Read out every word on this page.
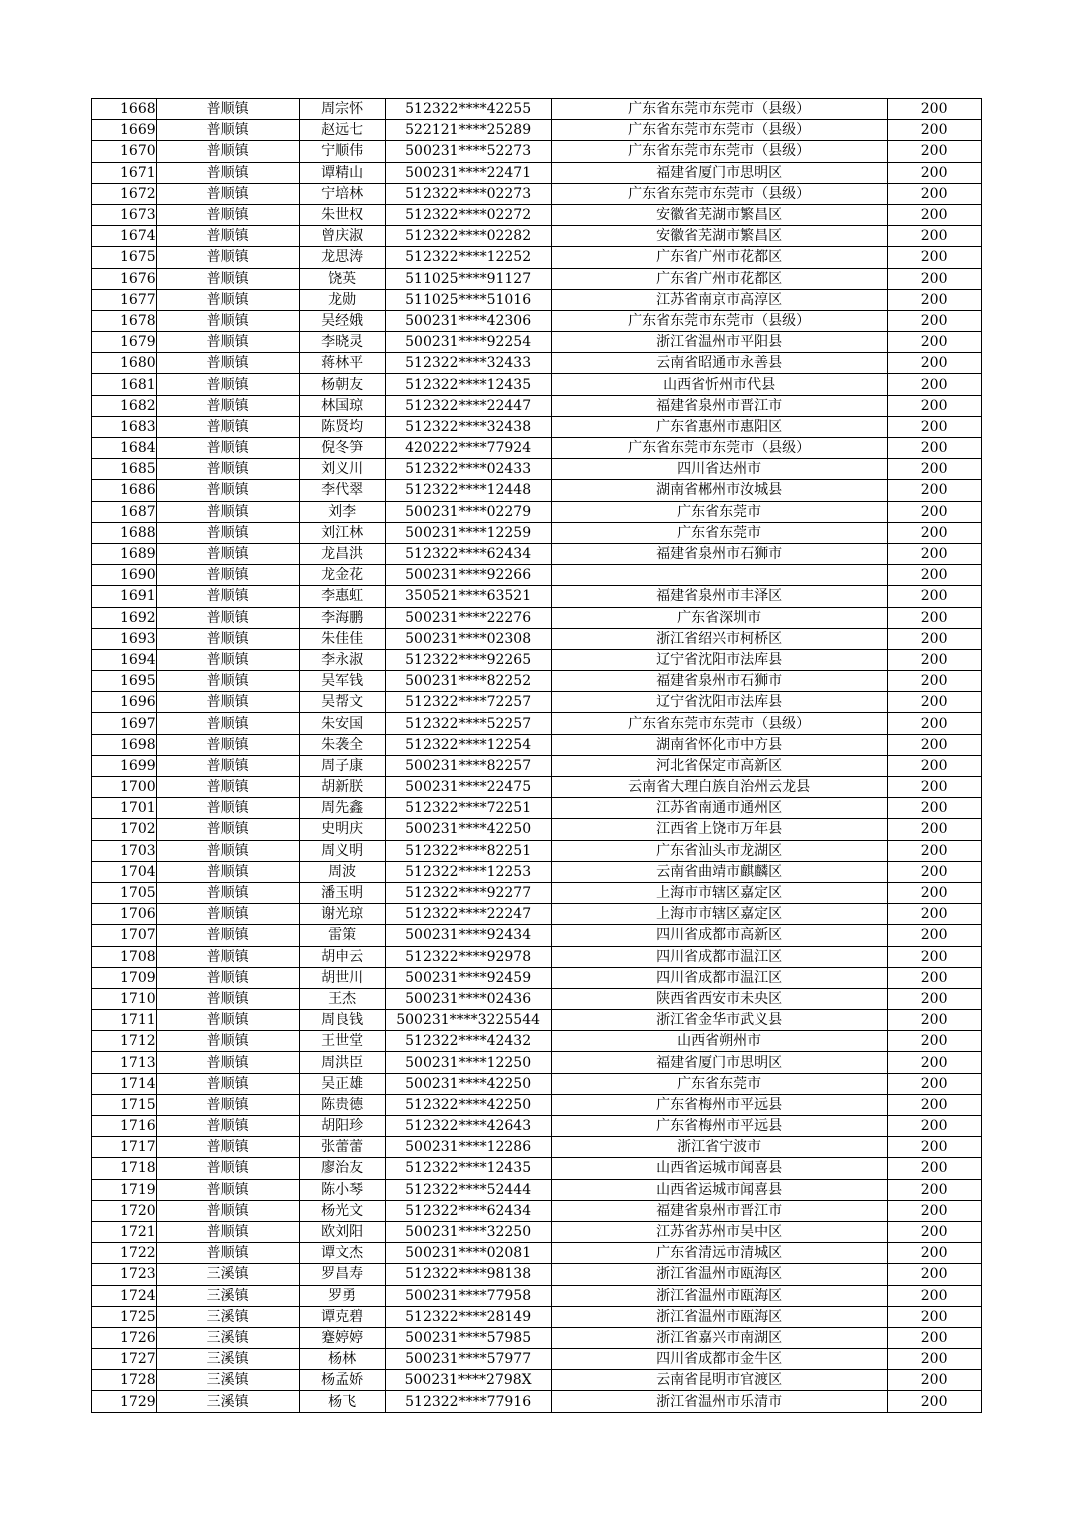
1668	普顺镇	周宗怀	512322****42255	广东省东莞市东莞市（县级）	200
1669	普顺镇	赵远七	522121****25289	广东省东莞市东莞市（县级）	200
1670	普顺镇	宁顺伟	500231****52273	广东省东莞市东莞市（县级）	200
1671	普顺镇	谭精山	500231****22471	福建省厦门市思明区	200
1672	普顺镇	宁培林	512322****02273	广东省东莞市东莞市（县级）	200
1673	普顺镇	朱世权	512322****02272	安徽省芜湖市繁昌区	200
1674	普顺镇	曾庆淑	512322****02282	安徽省芜湖市繁昌区	200
1675	普顺镇	龙思涛	512322****12252	广东省广州市花都区	200
1676	普顺镇	饶英	511025****91127	广东省广州市花都区	200
1677	普顺镇	龙勋	511025****51016	江苏省南京市高淳区	200
1678	普顺镇	吴经娥	500231****42306	广东省东莞市东莞市（县级）	200
1679	普顺镇	李晓灵	500231****92254	浙江省温州市平阳县	200
1680	普顺镇	蒋林平	512322****32433	云南省昭通市永善县	200
1681	普顺镇	杨朝友	512322****12435	山西省忻州市代县	200
1682	普顺镇	林国琼	512322****22447	福建省泉州市晋江市	200
1683	普顺镇	陈贤均	512322****32438	广东省惠州市惠阳区	200
1684	普顺镇	倪冬笋	420222****77924	广东省东莞市东莞市（县级）	200
1685	普顺镇	刘义川	512322****02433	四川省达州市	200
1686	普顺镇	李代翠	512322****12448	湖南省郴州市汝城县	200
1687	普顺镇	刘李	500231****02279	广东省东莞市	200
1688	普顺镇	刘江林	500231****12259	广东省东莞市	200
1689	普顺镇	龙昌洪	512322****62434	福建省泉州市石狮市	200
1690	普顺镇	龙金花	500231****92266		200
1691	普顺镇	李惠虹	350521****63521	福建省泉州市丰泽区	200
1692	普顺镇	李海鹏	500231****22276	广东省深圳市	200
1693	普顺镇	朱佳佳	500231****02308	浙江省绍兴市柯桥区	200
1694	普顺镇	李永淑	512322****92265	辽宁省沈阳市法库县	200
1695	普顺镇	吴军钱	500231****82252	福建省泉州市石狮市	200
1696	普顺镇	吴帮文	512322****72257	辽宁省沈阳市法库县	200
1697	普顺镇	朱安国	512322****52257	广东省东莞市东莞市（县级）	200
1698	普顺镇	朱袭全	512322****12254	湖南省怀化市中方县	200
1699	普顺镇	周子康	500231****82257	河北省保定市高新区	200
1700	普顺镇	胡新朕	500231****22475	云南省大理白族自治州云龙县	200
1701	普顺镇	周先鑫	512322****72251	江苏省南通市通州区	200
1702	普顺镇	史明庆	500231****42250	江西省上饶市万年县	200
1703	普顺镇	周义明	512322****82251	广东省汕头市龙湖区	200
1704	普顺镇	周波	512322****12253	云南省曲靖市麒麟区	200
1705	普顺镇	潘玉明	512322****92277	上海市市辖区嘉定区	200
1706	普顺镇	谢光琼	512322****22247	上海市市辖区嘉定区	200
1707	普顺镇	雷策	500231****92434	四川省成都市高新区	200
1708	普顺镇	胡申云	512322****92978	四川省成都市温江区	200
1709	普顺镇	胡世川	500231****92459	四川省成都市温江区	200
1710	普顺镇	王杰	500231****02436	陕西省西安市未央区	200
1711	普顺镇	周良钱	500231****3225544	浙江省金华市武义县	200
1712	普顺镇	王世堂	512322****42432	山西省朔州市	200
1713	普顺镇	周洪臣	500231****12250	福建省厦门市思明区	200
1714	普顺镇	吴正雄	500231****42250	广东省东莞市	200
1715	普顺镇	陈贵德	512322****42250	广东省梅州市平远县	200
1716	普顺镇	胡阳珍	512322****42643	广东省梅州市平远县	200
1717	普顺镇	张蕾蕾	500231****12286	浙江省宁波市	200
1718	普顺镇	廖治友	512322****12435	山西省运城市闻喜县	200
1719	普顺镇	陈小琴	512322****52444	山西省运城市闻喜县	200
1720	普顺镇	杨光文	512322****62434	福建省泉州市晋江市	200
1721	普顺镇	欧刘阳	500231****32250	江苏省苏州市吴中区	200
1722	普顺镇	谭文杰	500231****02081	广东省清远市清城区	200
1723	三溪镇	罗昌寿	512322****98138	浙江省温州市瓯海区	200
1724	三溪镇	罗勇	500231****77958	浙江省温州市瓯海区	200
1725	三溪镇	谭克碧	512322****28149	浙江省温州市瓯海区	200
1726	三溪镇	蹇婷婷	500231****57985	浙江省嘉兴市南湖区	200
1727	三溪镇	杨林	500231****57977	四川省成都市金牛区	200
1728	三溪镇	杨孟娇	500231****2798X	云南省昆明市官渡区	200
1729	三溪镇	杨飞	512322****77916	浙江省温州市乐清市	200
